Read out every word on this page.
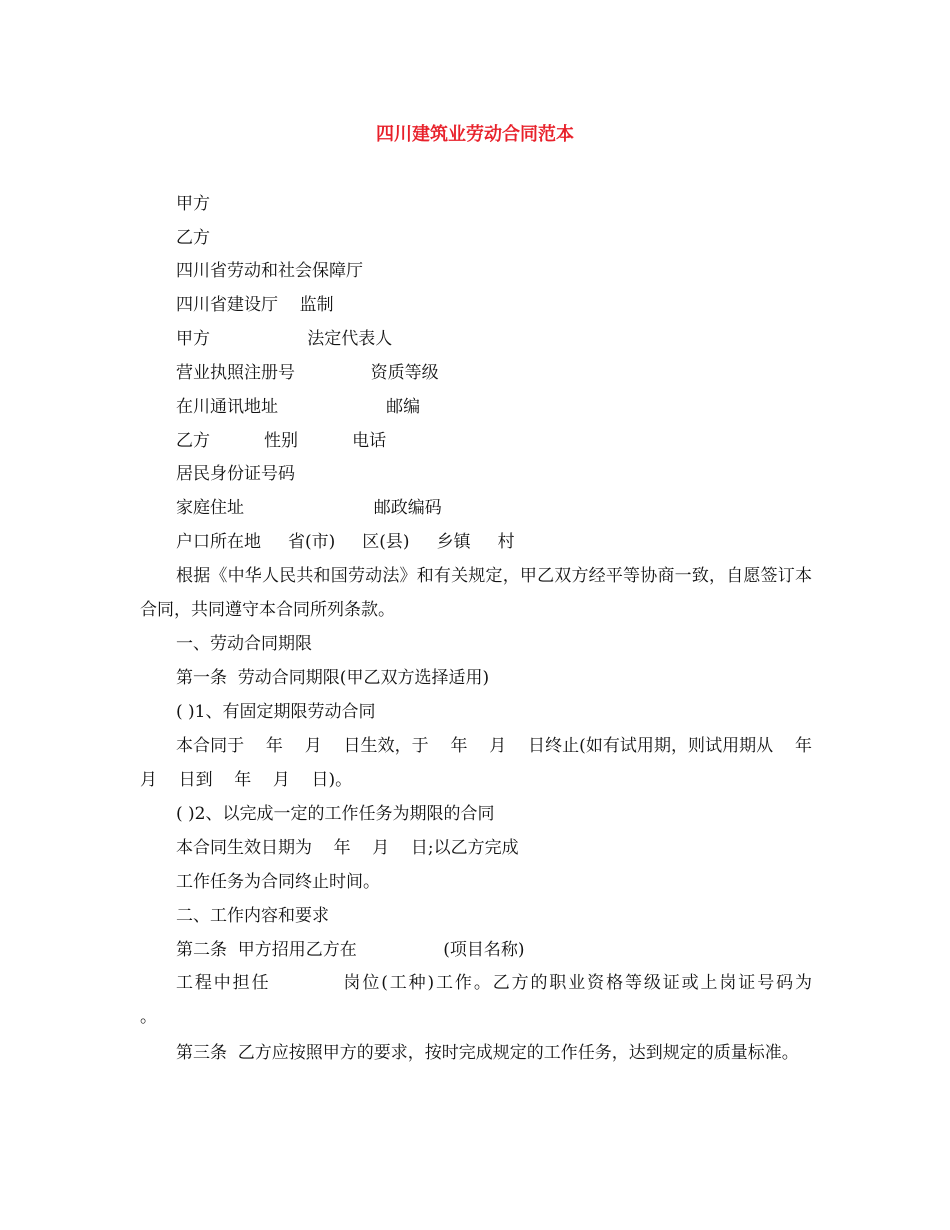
四川建筑业劳动合同范本
甲方
乙方
四川省劳动和社会保障厅
四川省建设厅    监制
甲方                  法定代表人
营业执照注册号              资质等级
在川通讯地址                    邮编
乙方          性别          电话
居民身份证号码
家庭住址                        邮政编码
户口所在地     省(市)     区(县)     乡镇     村
根据《中华人民共和国劳动法》和有关规定，甲乙双方经平等协商一致，自愿签订本合同，共同遵守本合同所列条款。
一、劳动合同期限
第一条  劳动合同期限(甲乙双方选择适用)
( )1、有固定期限劳动合同
本合同于    年    月    日生效，于    年    月    日终止(如有试用期，则试用期从    年    月    日到    年    月    日)。
( )2、以完成一定的工作任务为期限的合同
本合同生效日期为    年    月    日;以乙方完成
工作任务为合同终止时间。
二、工作内容和要求
第二条  甲方招用乙方在                (项目名称)
工程中担任          岗位(工种)工作。乙方的职业资格等级证或上岗证号码为             。
第三条  乙方应按照甲方的要求，按时完成规定的工作任务，达到规定的质量标准。
